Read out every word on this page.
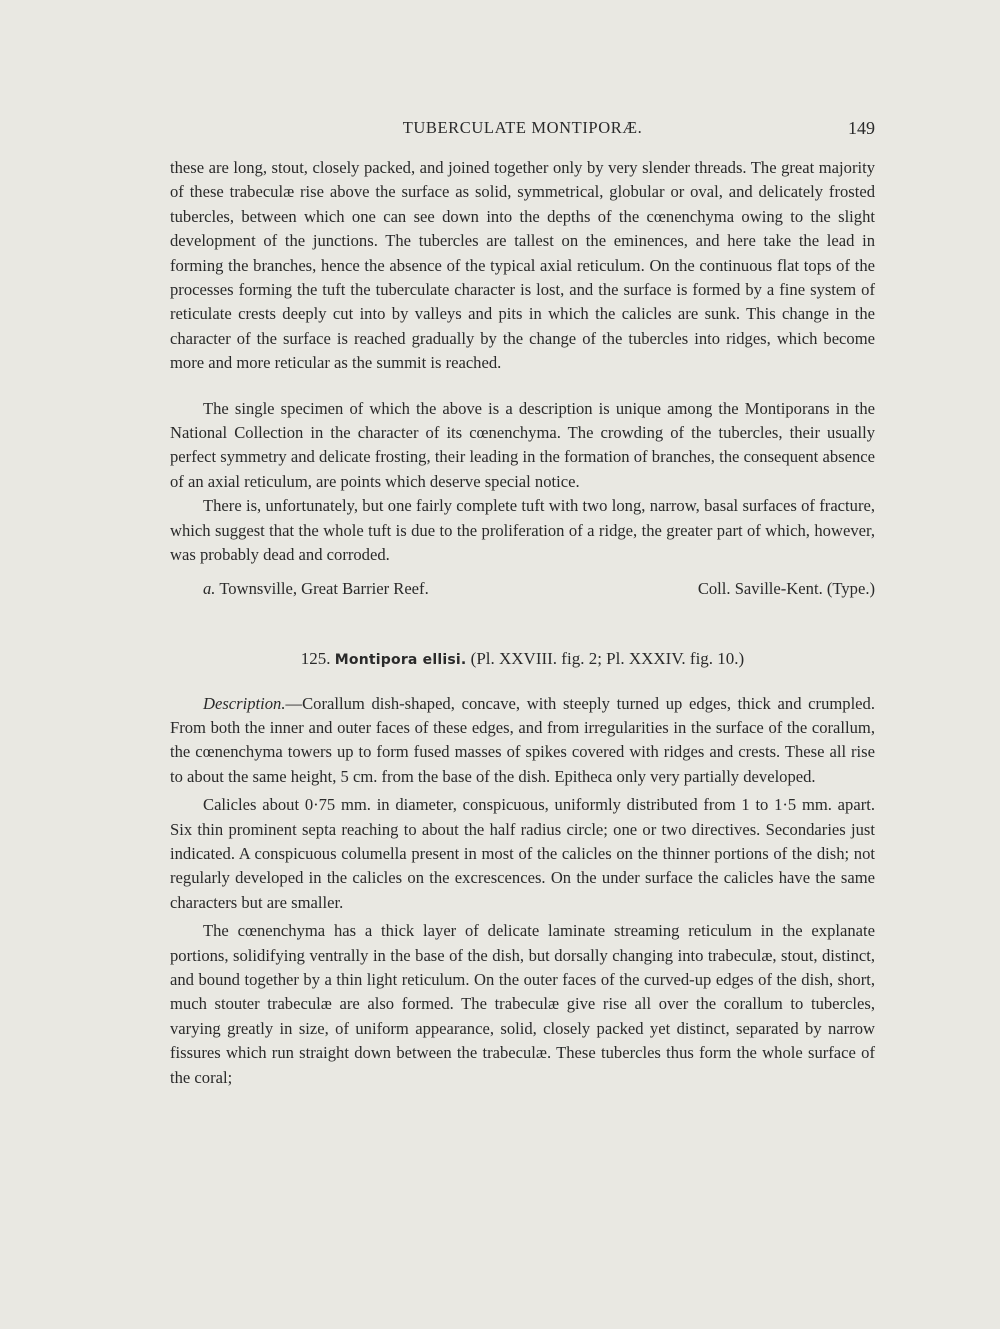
TUBERCULATE MONTIPORÆ.	149

these are long, stout, closely packed, and joined together only by very slender threads. The great majority of these trabeculæ rise above the surface as solid, symmetrical, globular or oval, and delicately frosted tubercles, between which one can see down into the depths of the cœnenchyma owing to the slight development of the junctions. The tubercles are tallest on the eminences, and here take the lead in forming the branches, hence the absence of the typical axial reticulum. On the continuous flat tops of the processes forming the tuft the tuberculate character is lost, and the surface is formed by a fine system of reticulate crests deeply cut into by valleys and pits in which the calicles are sunk. This change in the character of the surface is reached gradually by the change of the tubercles into ridges, which become more and more reticular as the summit is reached.

The single specimen of which the above is a description is unique among the Montiporans in the National Collection in the character of its cœnenchyma. The crowding of the tubercles, their usually perfect symmetry and delicate frosting, their leading in the formation of branches, the consequent absence of an axial reticulum, are points which deserve special notice.

There is, unfortunately, but one fairly complete tuft with two long, narrow, basal surfaces of fracture, which suggest that the whole tuft is due to the proliferation of a ridge, the greater part of which, however, was probably dead and corroded.

a. Townsville, Great Barrier Reef.	Coll. Saville-Kent. (Type.)
125. Montipora ellisi. (Pl. XXVIII. fig. 2; Pl. XXXIV. fig. 10.)

Description.—Corallum dish-shaped, concave, with steeply turned up edges, thick and crumpled. From both the inner and outer faces of these edges, and from irregularities in the surface of the corallum, the cœnenchyma towers up to form fused masses of spikes covered with ridges and crests. These all rise to about the same height, 5 cm. from the base of the dish. Epitheca only very partially developed.

Calicles about 0·75 mm. in diameter, conspicuous, uniformly distributed from 1 to 1·5 mm. apart. Six thin prominent septa reaching to about the half radius circle; one or two directives. Secondaries just indicated. A conspicuous columella present in most of the calicles on the thinner portions of the dish; not regularly developed in the calicles on the excrescences. On the under surface the calicles have the same characters but are smaller.

The cœnenchyma has a thick layer of delicate laminate streaming reticulum in the explanate portions, solidifying ventrally in the base of the dish, but dorsally changing into trabeculæ, stout, distinct, and bound together by a thin light reticulum. On the outer faces of the curved-up edges of the dish, short, much stouter trabeculæ are also formed. The trabeculæ give rise all over the corallum to tubercles, varying greatly in size, of uniform appearance, solid, closely packed yet distinct, separated by narrow fissures which run straight down between the trabeculæ. These tubercles thus form the whole surface of the coral;
